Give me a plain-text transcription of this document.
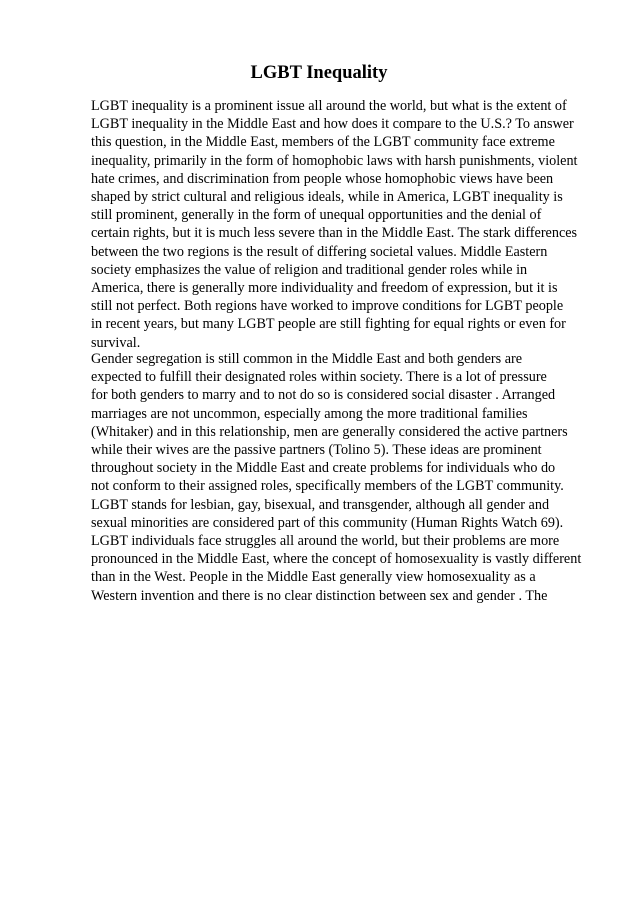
LGBT Inequality

LGBT inequality is a prominent issue all around the world, but what is the extent of
LGBT inequality in the Middle East and how does it compare to the U.S.? To answer
this question, in the Middle East, members of the LGBT community face extreme
inequality, primarily in the form of homophobic laws with harsh punishments, violent
hate crimes, and discrimination from people whose homophobic views have been
shaped by strict cultural and religious ideals, while in America, LGBT inequality is
still prominent, generally in the form of unequal opportunities and the denial of
certain rights, but it is much less severe than in the Middle East. The stark differences
between the two regions is the result of differing societal values. Middle Eastern
society emphasizes the value of religion and traditional gender roles while in
America, there is generally more individuality and freedom of expression, but it is
still not perfect. Both regions have worked to improve conditions for LGBT people
in recent years, but many LGBT people are still fighting for equal rights or even for
survival.

Gender segregation is still common in the Middle East and both genders are
expected to fulfill their designated roles within society. There is a lot of pressure
for both genders to marry and to not do so is considered social disaster . Arranged
marriages are not uncommon, especially among the more traditional families
(Whitaker) and in this relationship, men are generally considered the active partners
while their wives are the passive partners (Tolino 5). These ideas are prominent
throughout society in the Middle East and create problems for individuals who do
not conform to their assigned roles, specifically members of the LGBT community.
LGBT stands for lesbian, gay, bisexual, and transgender, although all gender and
sexual minorities are considered part of this community (Human Rights Watch 69).
LGBT individuals face struggles all around the world, but their problems are more
pronounced in the Middle East, where the concept of homosexuality is vastly different
than in the West. People in the Middle East generally view homosexuality as a
Western invention and there is no clear distinction between sex and gender . The
